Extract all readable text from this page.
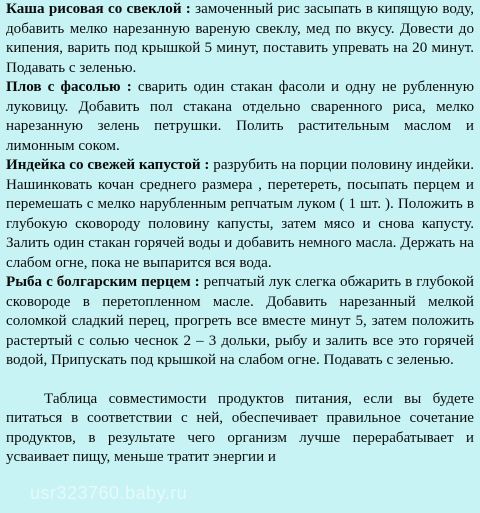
Каша рисовая со свеклой : замоченный рис засыпать в кипящую воду, добавить мелко нарезанную вареную свеклу, мед по вкусу. Довести до кипения, варить под крышкой 5 минут, поставить упревать на 20 минут. Подавать с зеленью.

Плов с фасолью : сварить один стакан фасоли и одну не рубленную луковицу. Добавить пол стакана отдельно сваренного риса, мелко нарезанную зелень петрушки. Полить растительным маслом и лимонным соком.

Индейка со свежей капустой : разрубить на порции половину индейки. Нашинковать кочан среднего размера , перетереть, посыпать перцем и перемешать с мелко нарубленным репчатым луком ( 1 шт. ). Положить в глубокую сковороду половину капусты, затем мясо и снова капусту. Залить один стакан горячей воды и добавить немного масла. Держать на слабом огне, пока не выпарится вся вода.

Рыба с болгарским перцем : репчатый лук слегка обжарить в глубокой сковороде в перетопленном масле. Добавить нарезанный мелкой соломкой сладкий перец, прогреть все вместе минут 5, затем положить растертый с солью чеснок 2 – 3 дольки, рыбу и залить все это горячей водой, Припускать под крышкой на слабом огне. Подавать с зеленью.

Таблица совместимости продуктов питания, если вы будете питаться в соответствии с ней, обеспечивает правильное сочетание продуктов, в результате чего организм лучше перерабатывает и усваивает пищу, меньше тратит энергии и

usr323760.baby.ru
